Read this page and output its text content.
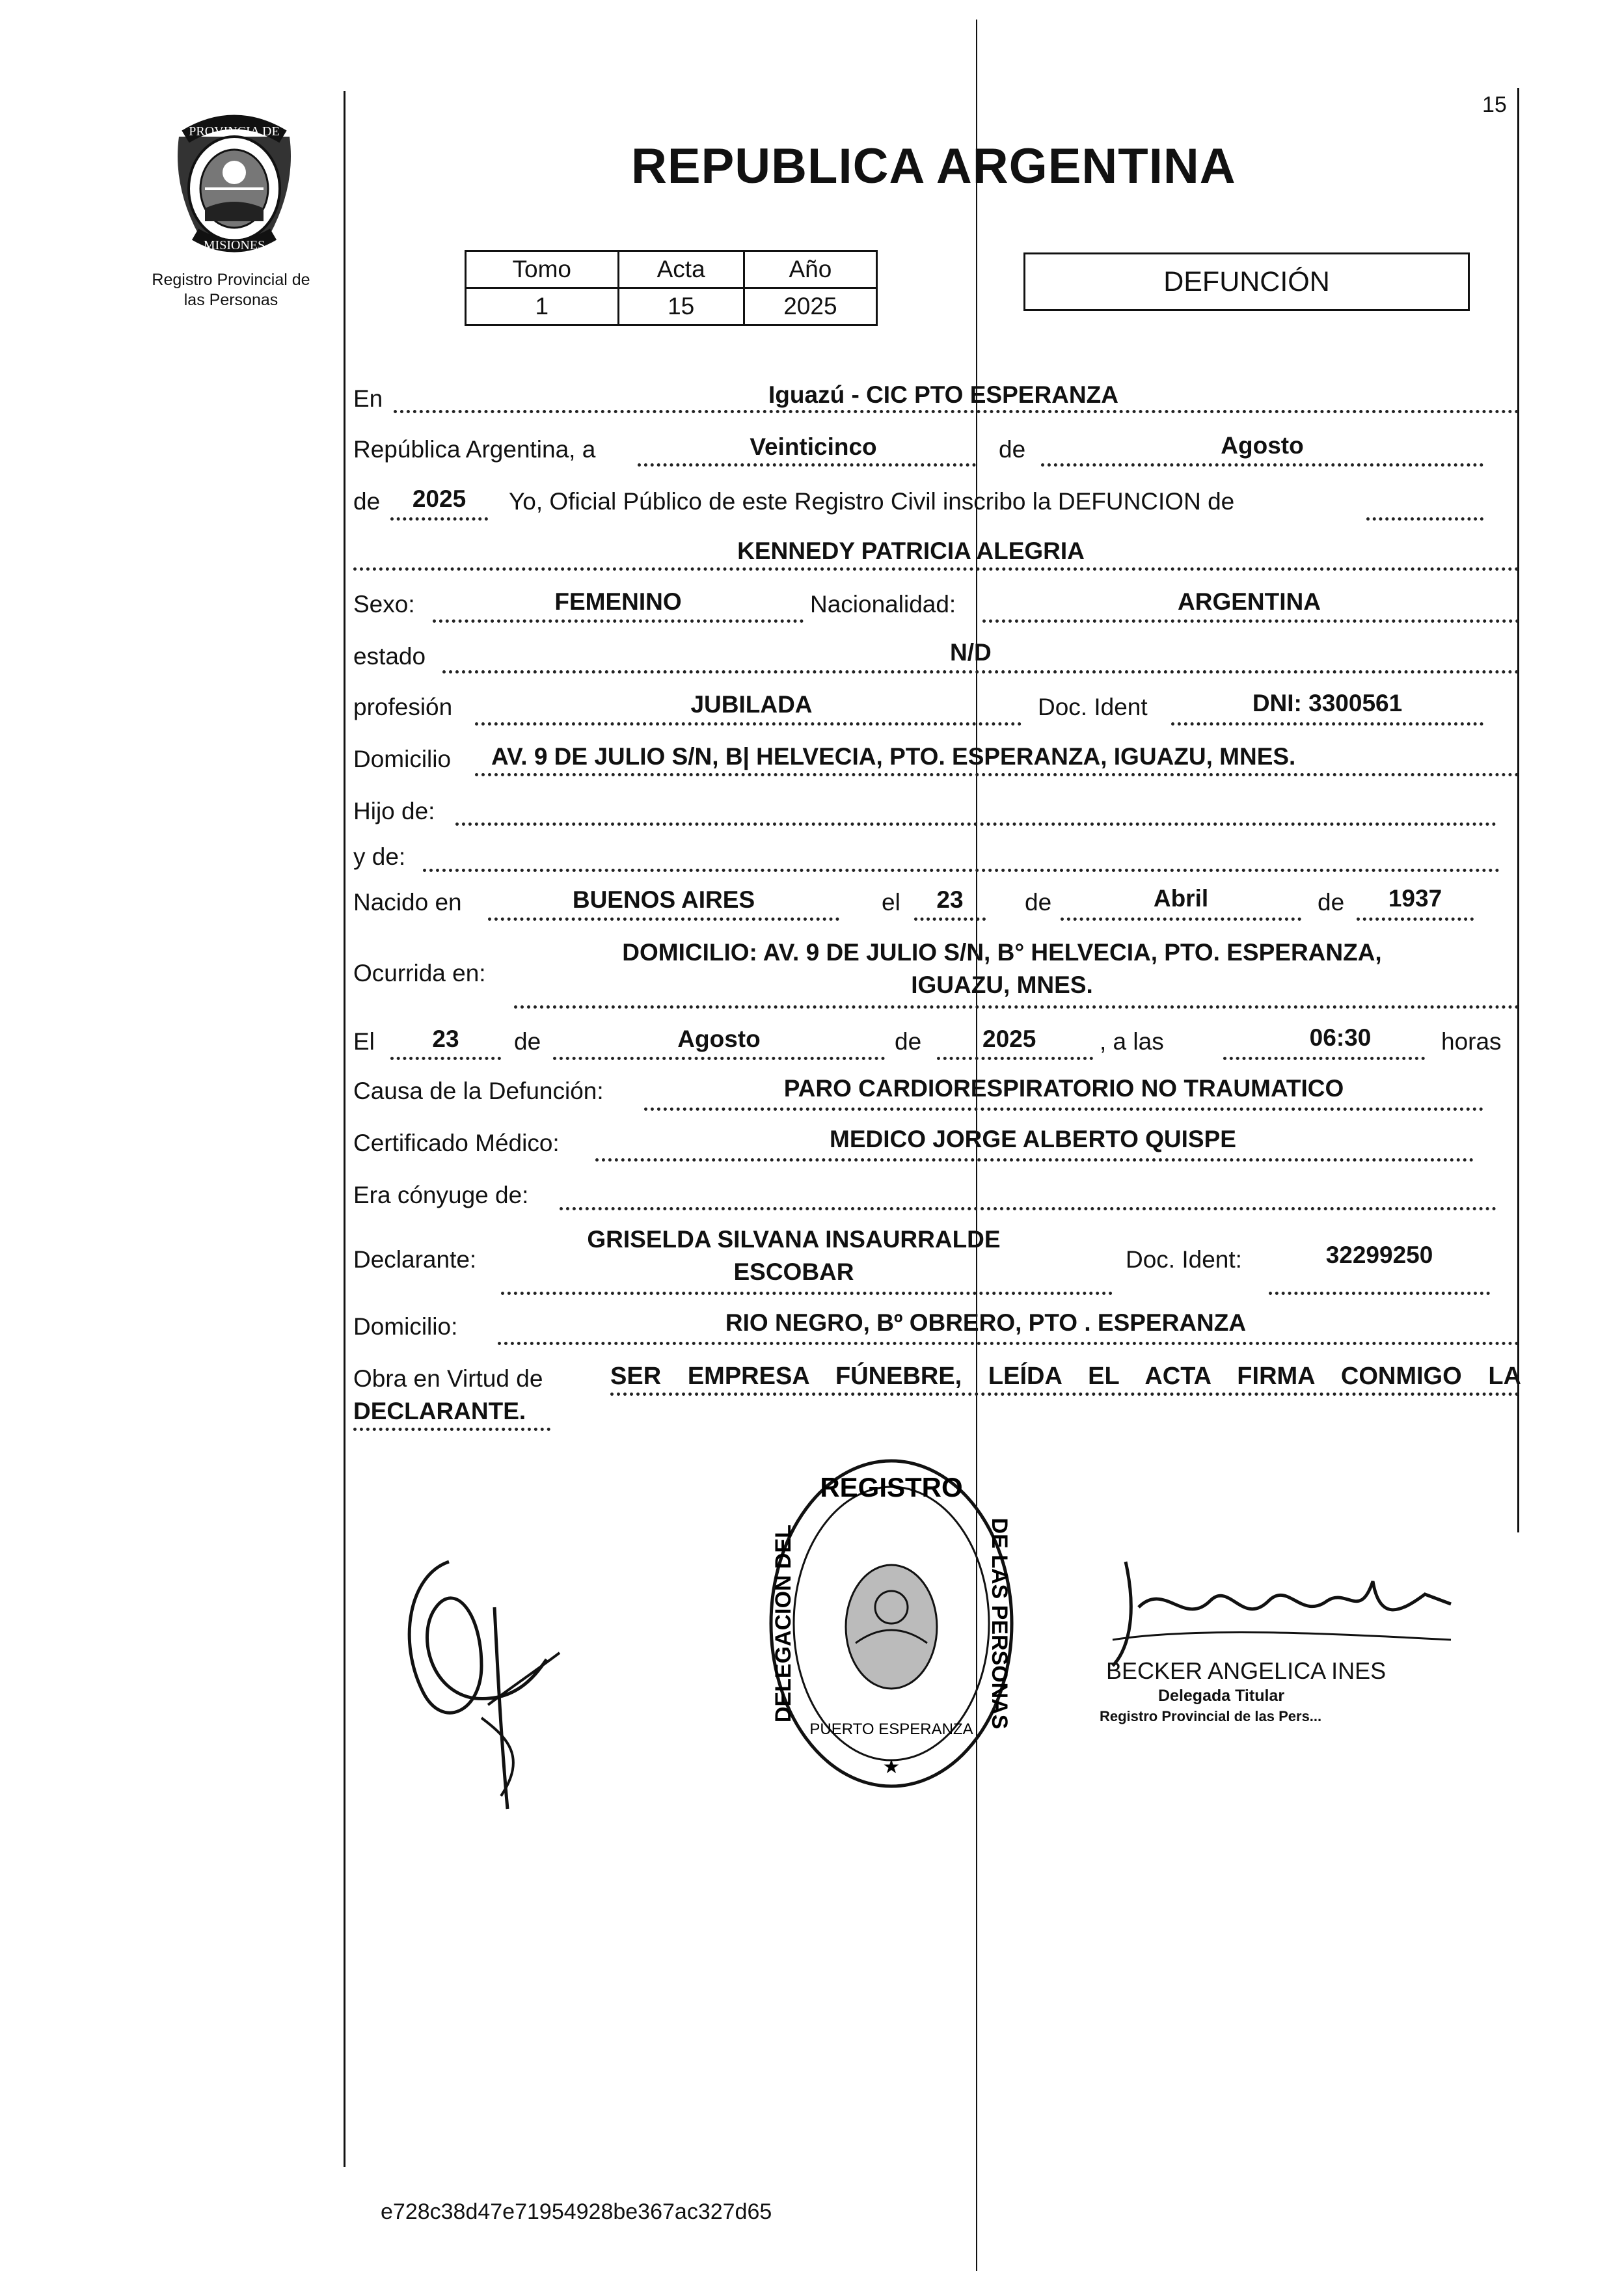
15
PROVINCIA DE
MISIONES
Registro Provincial de
las Personas
REPUBLICA ARGENTINA
Tomo	Acta	Año
1	15	2025
DEFUNCIÓN
En	Iguazú - CIC PTO ESPERANZA
República Argentina, a	Veinticinco	de	Agosto
de	2025	Yo, Oficial Público de este Registro Civil inscribo la DEFUNCION de
KENNEDY PATRICIA ALEGRIA
Sexo:	FEMENINO	Nacionalidad:	ARGENTINA
estado	N/D
profesión	JUBILADA	Doc. Ident	DNI: 3300561
Domicilio	AV. 9 DE JULIO S/N, B| HELVECIA, PTO. ESPERANZA, IGUAZU, MNES.
Hijo de:
y de:
Nacido en	BUENOS AIRES	el	23	de	Abril	de	1937
Ocurrida en:
DOMICILIO: AV. 9 DE JULIO S/N, B° HELVECIA, PTO. ESPERANZA,
IGUAZU, MNES.
El	23	de	Agosto	de	2025	, a las	06:30	horas
Causa de la Defunción:	PARO CARDIORESPIRATORIO NO TRAUMATICO
Certificado Médico:	MEDICO JORGE ALBERTO QUISPE
Era cónyuge de:
Declarante:
GRISELDA SILVANA INSAURRALDE
ESCOBAR	Doc. Ident:	32299250
Domicilio:	RIO NEGRO, Bº OBRERO, PTO . ESPERANZA
Obra en Virtud de	SER EMPRESA FÚNEBRE, LEÍDA EL ACTA FIRMA CONMIGO LA
DECLARANTE.
REGISTRO
DELEGACION DEL	DE LAS PERSONAS
PUERTO ESPERANZA
★
BECKER ANGELICA INES
Delegada Titular
Registro Provincial de las Pers...
e728c38d47e71954928be367ac327d65
